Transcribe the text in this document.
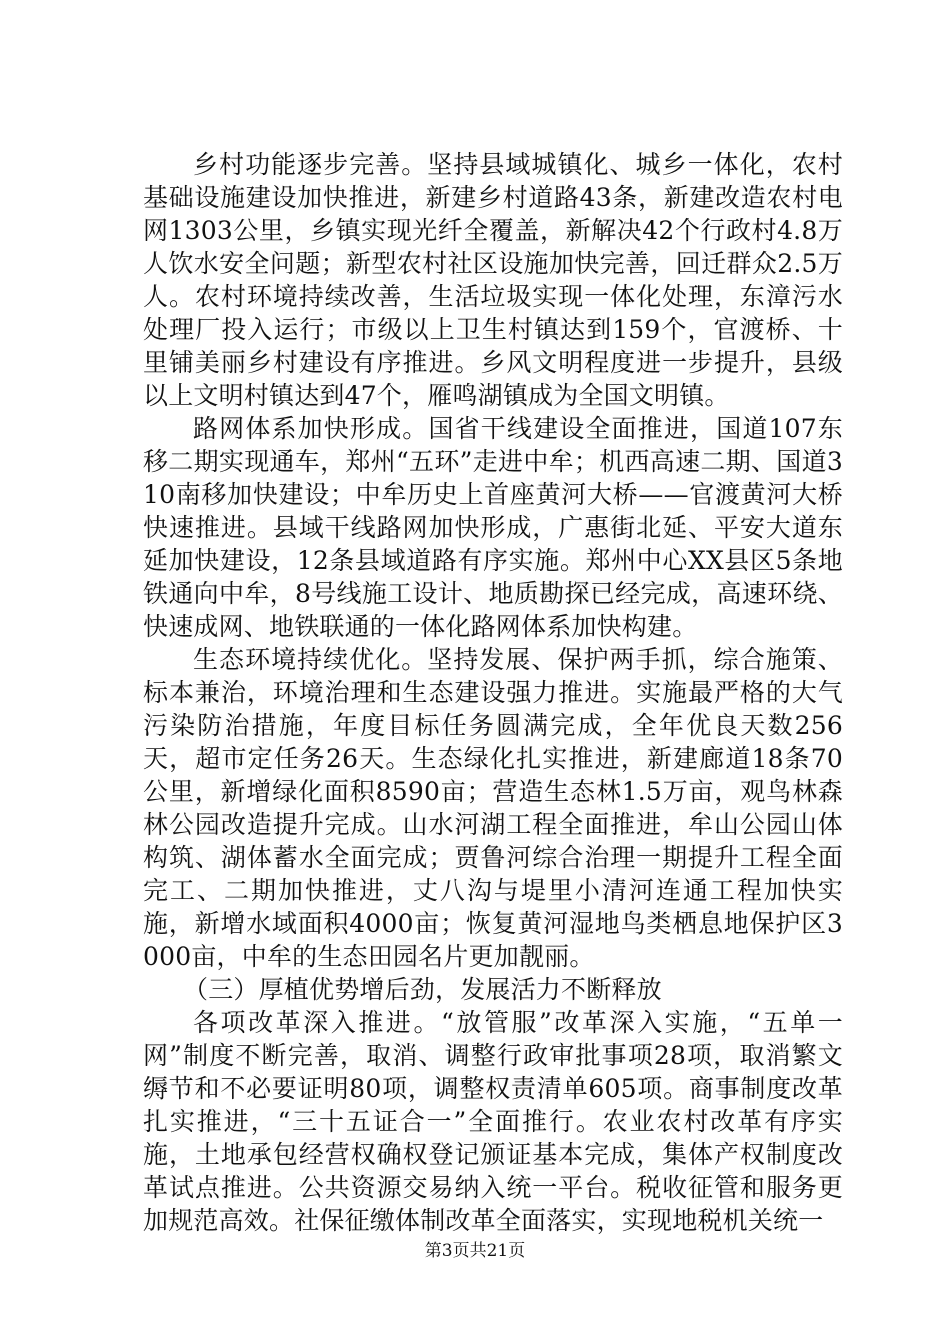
乡村功能逐步完善。坚持县域城镇化、城乡一体化，农村基础设施建设加快推进，新建乡村道路43条，新建改造农村电网1303公里，乡镇实现光纤全覆盖，新解决42个行政村4.8万人饮水安全问题；新型农村社区设施加快完善，回迁群众2.5万人。农村环境持续改善，生活垃圾实现一体化处理，东漳污水处理厂投入运行；市级以上卫生村镇达到159个，官渡桥、十里铺美丽乡村建设有序推进。乡风文明程度进一步提升，县级以上文明村镇达到47个，雁鸣湖镇成为全国文明镇。

路网体系加快形成。国省干线建设全面推进，国道107东移二期实现通车，郑州“五环”走进中牟；机西高速二期、国道310南移加快建设；中牟历史上首座黄河大桥——官渡黄河大桥快速推进。县域干线路网加快形成，广惠街北延、平安大道东延加快建设，12条县域道路有序实施。郑州中心XX县区5条地铁通向中牟，8号线施工设计、地质勘探已经完成，高速环绕、快速成网、地铁联通的一体化路网体系加快构建。

生态环境持续优化。坚持发展、保护两手抓，综合施策、标本兼治，环境治理和生态建设强力推进。实施最严格的大气污染防治措施，年度目标任务圆满完成，全年优良天数256天，超市定任务26天。生态绿化扎实推进，新建廊道18条70公里，新增绿化面积8590亩；营造生态林1.5万亩，观鸟林森林公园改造提升完成。山水河湖工程全面推进，牟山公园山体构筑、湖体蓄水全面完成；贾鲁河综合治理一期提升工程全面完工、二期加快推进，丈八沟与堤里小清河连通工程加快实施，新增水域面积4000亩；恢复黄河湿地鸟类栖息地保护区3000亩，中牟的生态田园名片更加靓丽。

（三）厚植优势增后劲，发展活力不断释放

各项改革深入推进。“放管服”改革深入实施，“五单一网”制度不断完善，取消、调整行政审批事项28项，取消繁文缛节和不必要证明80项，调整权责清单605项。商事制度改革扎实推进，“三十五证合一”全面推行。农业农村改革有序实施，土地承包经营权确权登记颁证基本完成，集体产权制度改革试点推进。公共资源交易纳入统一平台。税收征管和服务更加规范高效。社保征缴体制改革全面落实，实现地税机关统一

第3页共21页
